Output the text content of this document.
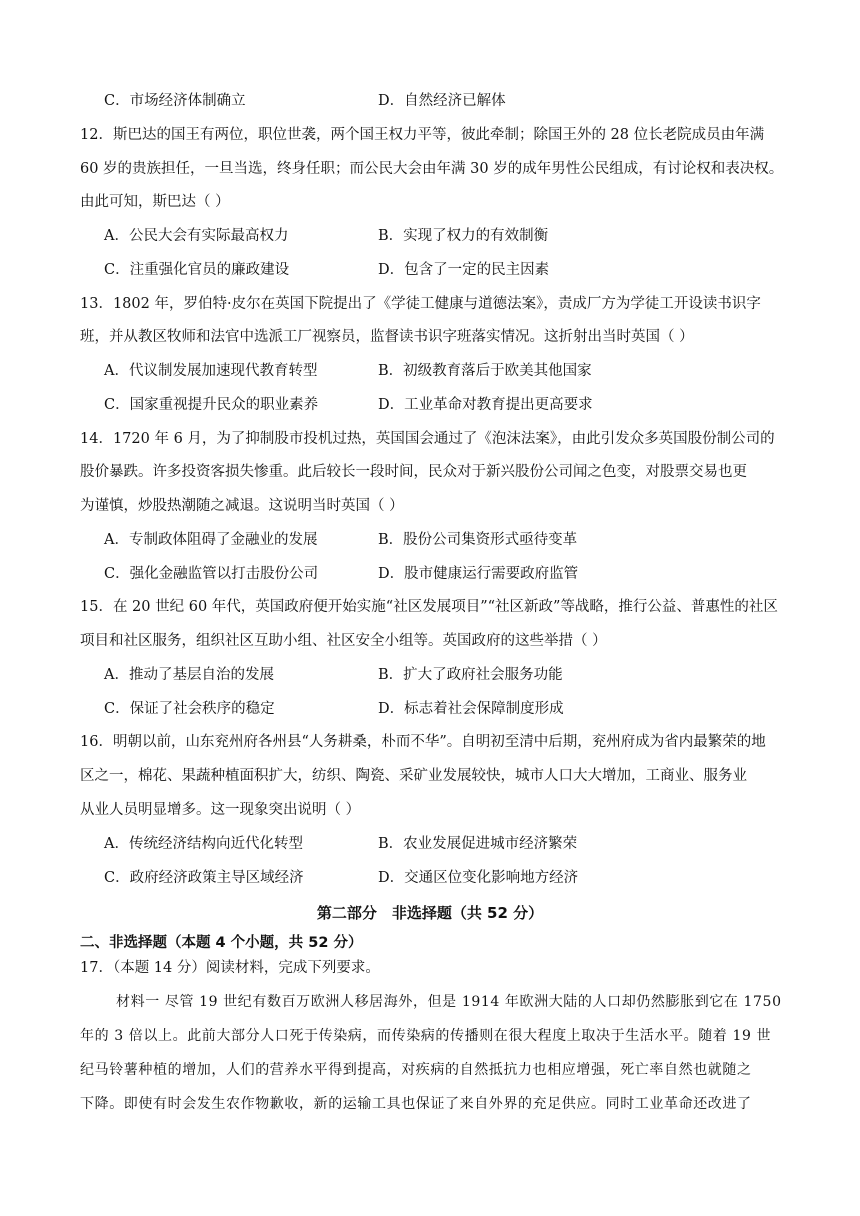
C．市场经济体制确立	D．自然经济已解体
12．斯巴达的国王有两位，职位世袭，两个国王权力平等，彼此牵制；除国王外的 28 位长老院成员由年满
60 岁的贵族担任，一旦当选，终身任职；而公民大会由年满 30 岁的成年男性公民组成，有讨论权和表决权。
由此可知，斯巴达（ ）
A．公民大会有实际最高权力	B．实现了权力的有效制衡
C．注重强化官员的廉政建设	D．包含了一定的民主因素
13．1802 年，罗伯特·皮尔在英国下院提出了《学徒工健康与道德法案》，责成厂方为学徒工开设读书识字
班，并从教区牧师和法官中选派工厂视察员，监督读书识字班落实情况。这折射出当时英国（ ）
A．代议制发展加速现代教育转型	B．初级教育落后于欧美其他国家
C．国家重视提升民众的职业素养	D．工业革命对教育提出更高要求
14．1720 年 6 月，为了抑制股市投机过热，英国国会通过了《泡沫法案》，由此引发众多英国股份制公司的
股价暴跌。许多投资客损失惨重。此后较长一段时间，民众对于新兴股份公司闻之色变，对股票交易也更
为谨慎，炒股热潮随之减退。这说明当时英国（ ）
A．专制政体阻碍了金融业的发展	B．股份公司集资形式亟待变革
C．强化金融监管以打击股份公司	D．股市健康运行需要政府监管
15．在 20 世纪 60 年代，英国政府便开始实施“社区发展项目”“社区新政”等战略，推行公益、普惠性的社区
项目和社区服务，组织社区互助小组、社区安全小组等。英国政府的这些举措（ ）
A．推动了基层自治的发展	B．扩大了政府社会服务功能
C．保证了社会秩序的稳定	D．标志着社会保障制度形成
16．明朝以前，山东兖州府各州县“人务耕桑，朴而不华”。自明初至清中后期，兖州府成为省内最繁荣的地
区之一，棉花、果蔬种植面积扩大，纺织、陶瓷、采矿业发展较快，城市人口大大增加，工商业、服务业
从业人员明显增多。这一现象突出说明（ ）
A．传统经济结构向近代化转型	B．农业发展促进城市经济繁荣
C．政府经济政策主导区域经济	D．交通区位变化影响地方经济
第二部分　非选择题（共 52 分）
二、非选择题（本题 4 个小题，共 52 分）
17．（本题 14 分）阅读材料，完成下列要求。
材料一 尽管 19 世纪有数百万欧洲人移居海外，但是 1914 年欧洲大陆的人口却仍然膨胀到它在 1750
年的 3 倍以上。此前大部分人口死于传染病，而传染病的传播则在很大程度上取决于生活水平。随着 19 世
纪马铃薯种植的增加，人们的营养水平得到提高，对疾病的自然抵抗力也相应增强，死亡率自然也就随之
下降。即使有时会发生农作物歉收，新的运输工具也保证了来自外界的充足供应。同时工业革命还改进了
